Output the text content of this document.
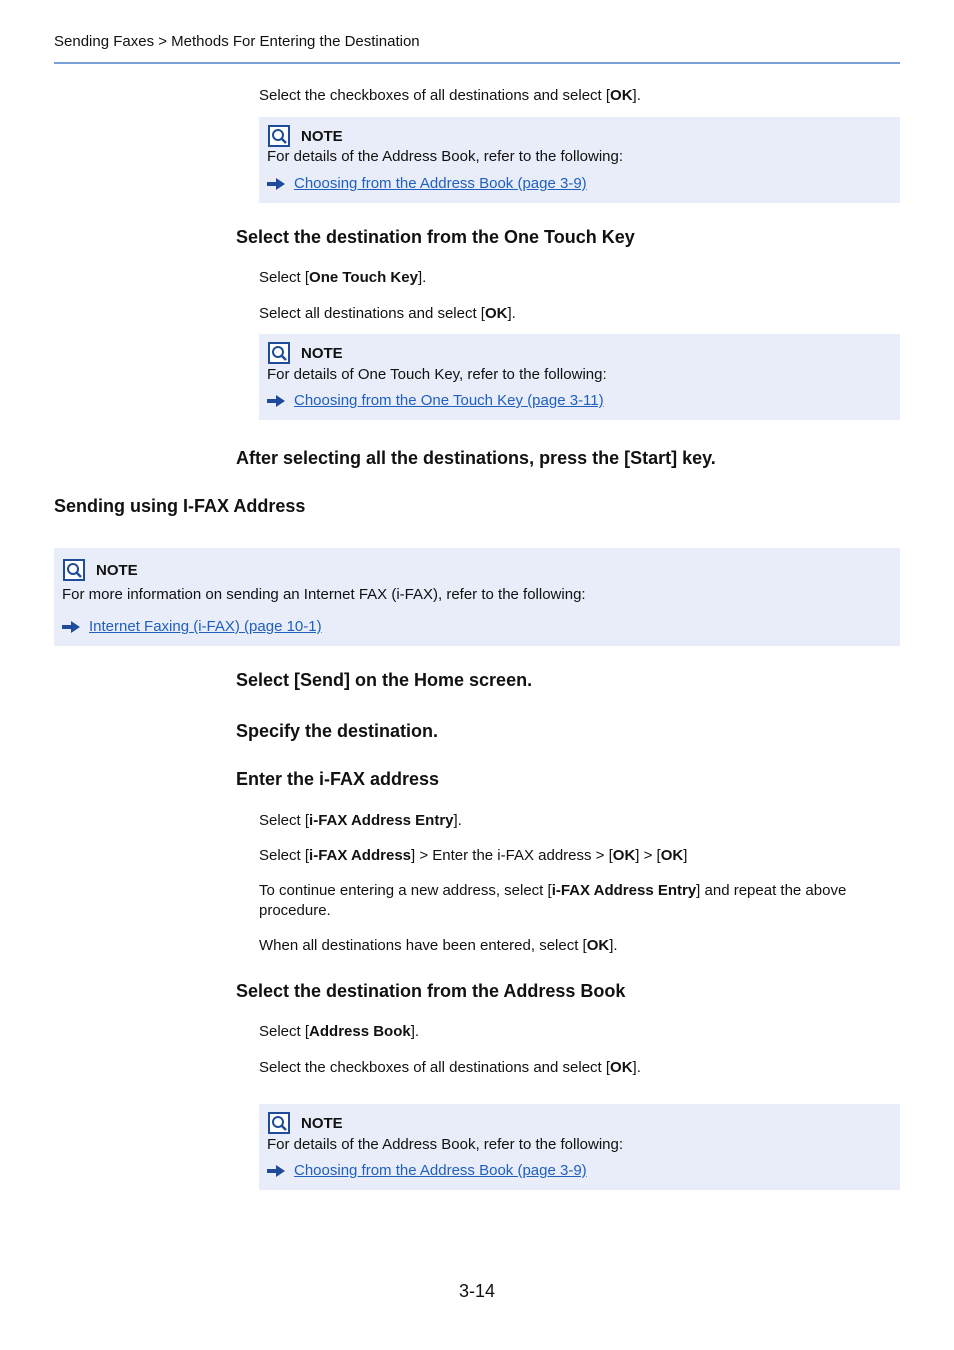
Sending Faxes > Methods For Entering the Destination
Select the checkboxes of all destinations and select [OK].
NOTE
For details of the Address Book, refer to the following:
Choosing from the Address Book (page 3-9)
Select the destination from the One Touch Key
Select [One Touch Key].
Select all destinations and select [OK].
NOTE
For details of One Touch Key, refer to the following:
Choosing from the One Touch Key (page 3-11)
After selecting all the destinations, press the [Start] key.
Sending using I-FAX Address
NOTE
For more information on sending an Internet FAX (i-FAX), refer to the following:
Internet Faxing (i-FAX) (page 10-1)
Select [Send] on the Home screen.
Specify the destination.
Enter the i-FAX address
Select [i-FAX Address Entry].
Select [i-FAX Address] > Enter the i-FAX address > [OK] > [OK]
To continue entering a new address, select [i-FAX Address Entry] and repeat the above procedure.
When all destinations have been entered, select [OK].
Select the destination from the Address Book
Select [Address Book].
Select the checkboxes of all destinations and select [OK].
NOTE
For details of the Address Book, refer to the following:
Choosing from the Address Book (page 3-9)
3-14
